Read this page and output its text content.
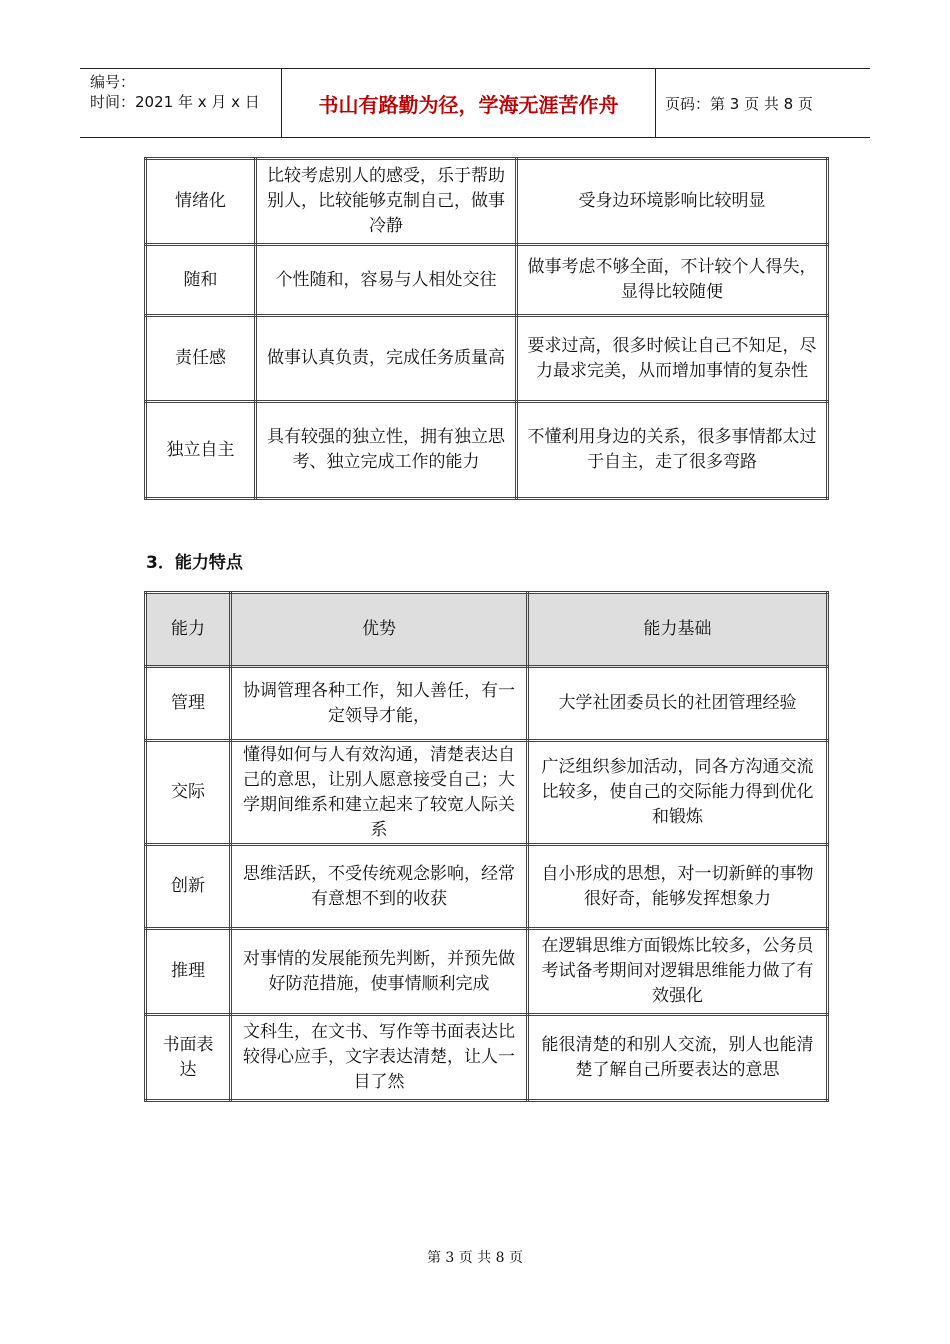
编号：
时间：2021 年 x 月 x 日	书山有路勤为径，学海无涯苦作舟	页码：第 3 页 共 8 页
情绪化	比较考虑别人的感受，乐于帮助别人，比较能够克制自己，做事冷静	受身边环境影响比较明显
随和	个性随和，容易与人相处交往	做事考虑不够全面，不计较个人得失，显得比较随便
责任感	做事认真负责，完成任务质量高	要求过高，很多时候让自己不知足，尽力最求完美，从而增加事情的复杂性
独立自主	具有较强的独立性，拥有独立思考、独立完成工作的能力	不懂利用身边的关系，很多事情都太过于自主，走了很多弯路
3．能力特点
能力	优势	能力基础
管理	协调管理各种工作，知人善任，有一定领导才能，	大学社团委员长的社团管理经验
交际	懂得如何与人有效沟通，清楚表达自己的意思，让别人愿意接受自己；大学期间维系和建立起来了较宽人际关系	广泛组织参加活动，同各方沟通交流比较多，使自己的交际能力得到优化和锻炼
创新	思维活跃，不受传统观念影响，经常有意想不到的收获	自小形成的思想，对一切新鲜的事物很好奇，能够发挥想象力
推理	对事情的发展能预先判断，并预先做好防范措施，使事情顺利完成	在逻辑思维方面锻炼比较多，公务员考试备考期间对逻辑思维能力做了有效强化
书面表达	文科生，在文书、写作等书面表达比较得心应手，文字表达清楚，让人一目了然	能很清楚的和别人交流，别人也能清楚了解自己所要表达的意思
第 3 页 共 8 页
